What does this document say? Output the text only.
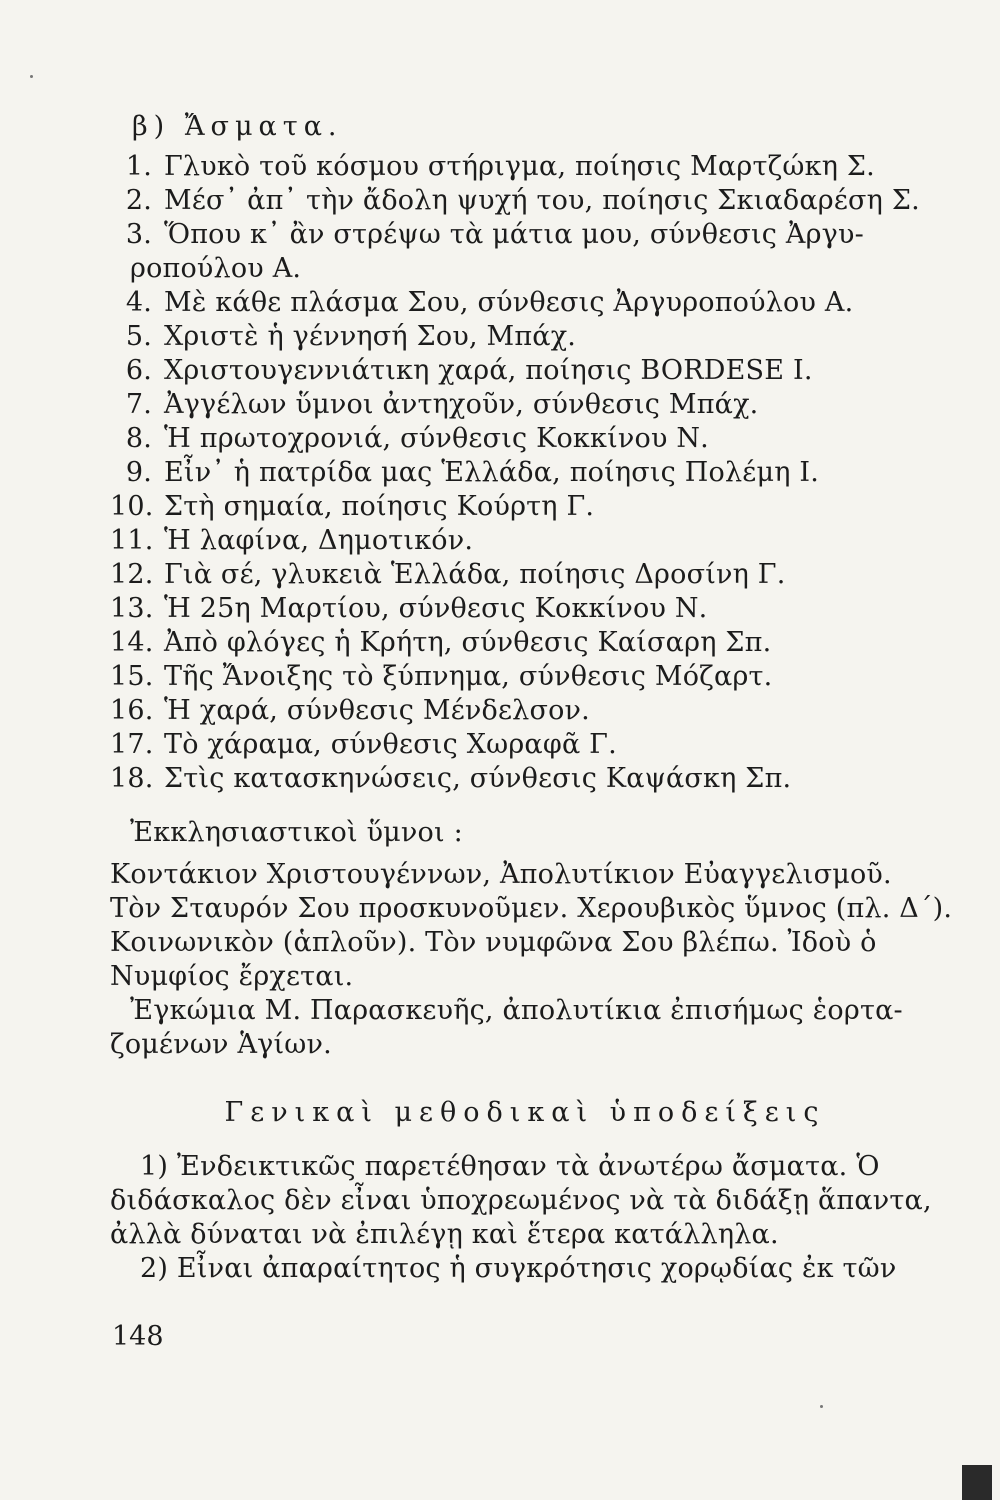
β) Ἄσματα.
1. Γλυκὸ τοῦ κόσμου στήριγμα, ποίησις Μαρτζώκη Σ.
2. Μέσ᾿ ἀπ᾿ τὴν ἄδολη ψυχή του, ποίησις Σκιαδαρέση Σ.
3. Ὅπου κ᾿ ἂν στρέψω τὰ μάτια μου, σύνθεσις Ἀργυ-
ροπούλου Α.
4. Μὲ κάθε πλάσμα Σου, σύνθεσις Ἀργυροπούλου Α.
5. Χριστὲ ἡ γέννησή Σου, Μπάχ.
6. Χριστουγεννιάτικη χαρά, ποίησις BORDESE I.
7. Ἀγγέλων ὕμνοι ἀντηχοῦν, σύνθεσις Μπάχ.
8. Ἡ πρωτοχρονιά, σύνθεσις Κοκκίνου Ν.
9. Εἶν᾿ ἡ πατρίδα μας Ἑλλάδα, ποίησις Πολέμη Ι.
10. Στὴ σημαία, ποίησις Κούρτη Γ.
11. Ἡ λαφίνα, Δημοτικόν.
12. Γιὰ σέ, γλυκειὰ Ἑλλάδα, ποίησις Δροσίνη Γ.
13. Ἡ 25η Μαρτίου, σύνθεσις Κοκκίνου Ν.
14. Ἀπὸ φλόγες ἡ Κρήτη, σύνθεσις Καίσαρη Σπ.
15. Τῆς Ἄνοιξης τὸ ξύπνημα, σύνθεσις Μόζαρτ.
16. Ἡ χαρά, σύνθεσις Μένδελσον.
17. Τὸ χάραμα, σύνθεσις Χωραφᾶ Γ.
18. Στὶς κατασκηνώσεις, σύνθεσις Καψάσκη Σπ.
Ἐκκλησιαστικοὶ ὕμνοι :
Κοντάκιον Χριστουγέννων, Ἀπολυτίκιον Εὐαγγελισμοῦ.
Τὸν Σταυρόν Σου προσκυνοῦμεν. Χερουβικὸς ὕμνος (πλ. Δ΄).
Κοινωνικὸν (ἁπλοῦν). Τὸν νυμφῶνα Σου βλέπω. Ἰδοὺ ὁ
Νυμφίος ἔρχεται.
Ἐγκώμια Μ. Παρασκευῆς, ἀπολυτίκια ἐπισήμως ἑορτα-
ζομένων Ἁγίων.
Γενικαὶ μεθοδικαὶ ὑποδείξεις
1) Ἐνδεικτικῶς παρετέθησαν τὰ ἀνωτέρω ἄσματα. Ὁ
διδάσκαλος δὲν εἶναι ὑποχρεωμένος νὰ τὰ διδάξῃ ἅπαντα,
ἀλλὰ δύναται νὰ ἐπιλέγῃ καὶ ἕτερα κατάλληλα.
2) Εἶναι ἀπαραίτητος ἡ συγκρότησις χορῳδίας ἐκ τῶν
148
